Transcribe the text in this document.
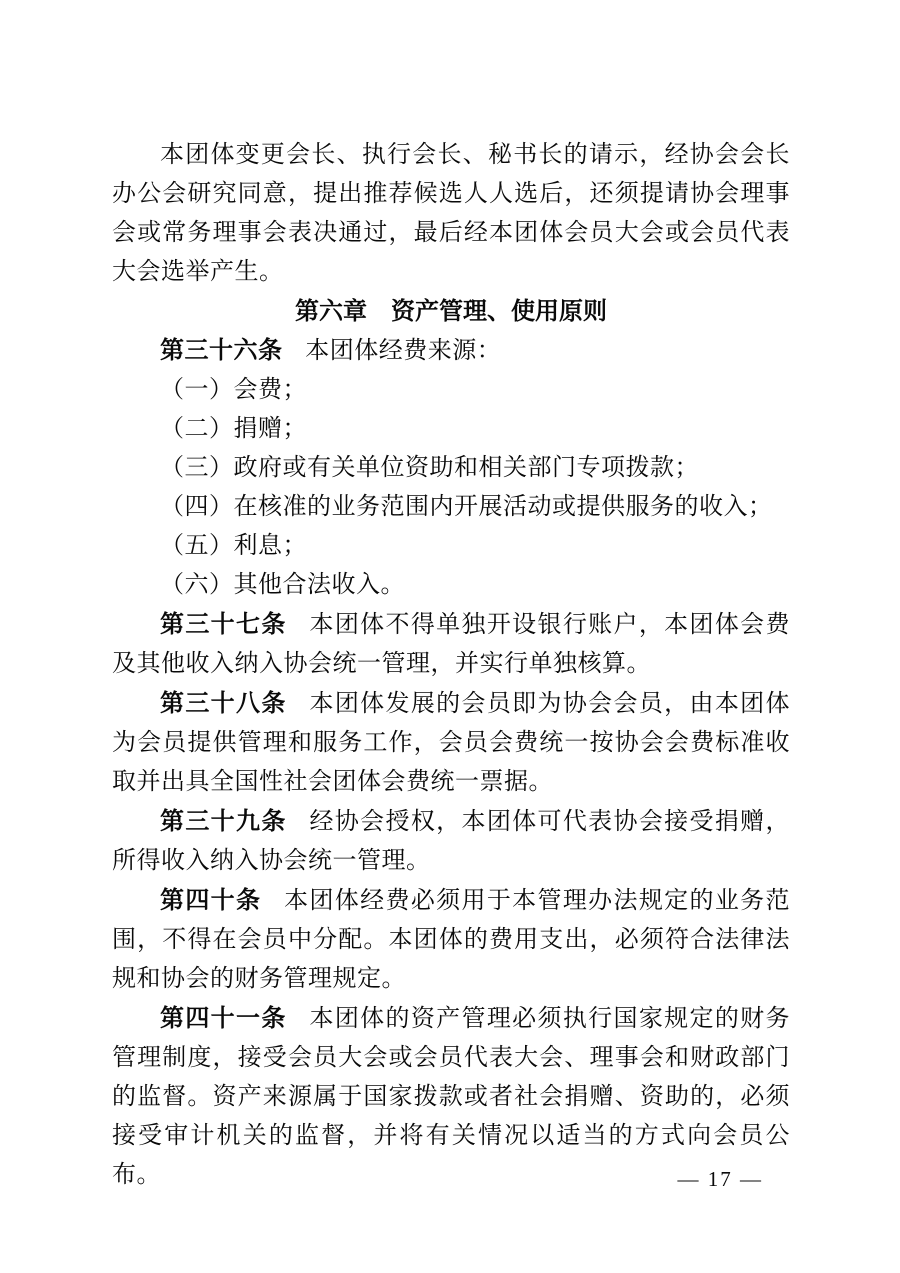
本团体变更会长、执行会长、秘书长的请示，经协会会长办公会研究同意，提出推荐候选人人选后，还须提请协会理事会或常务理事会表决通过，最后经本团体会员大会或会员代表大会选举产生。

第六章　资产管理、使用原则

第三十六条 本团体经费来源：

（一）会费；

（二）捐赠；

（三）政府或有关单位资助和相关部门专项拨款；

（四）在核准的业务范围内开展活动或提供服务的收入；

（五）利息；

（六）其他合法收入。

第三十七条 本团体不得单独开设银行账户，本团体会费及其他收入纳入协会统一管理，并实行单独核算。

第三十八条 本团体发展的会员即为协会会员，由本团体为会员提供管理和服务工作，会员会费统一按协会会费标准收取并出具全国性社会团体会费统一票据。

第三十九条 经协会授权，本团体可代表协会接受捐赠，所得收入纳入协会统一管理。

第四十条 本团体经费必须用于本管理办法规定的业务范围，不得在会员中分配。本团体的费用支出，必须符合法律法规和协会的财务管理规定。

第四十一条 本团体的资产管理必须执行国家规定的财务管理制度，接受会员大会或会员代表大会、理事会和财政部门的监督。资产来源属于国家拨款或者社会捐赠、资助的，必须接受审计机关的监督，并将有关情况以适当的方式向会员公布。	— 17 —
